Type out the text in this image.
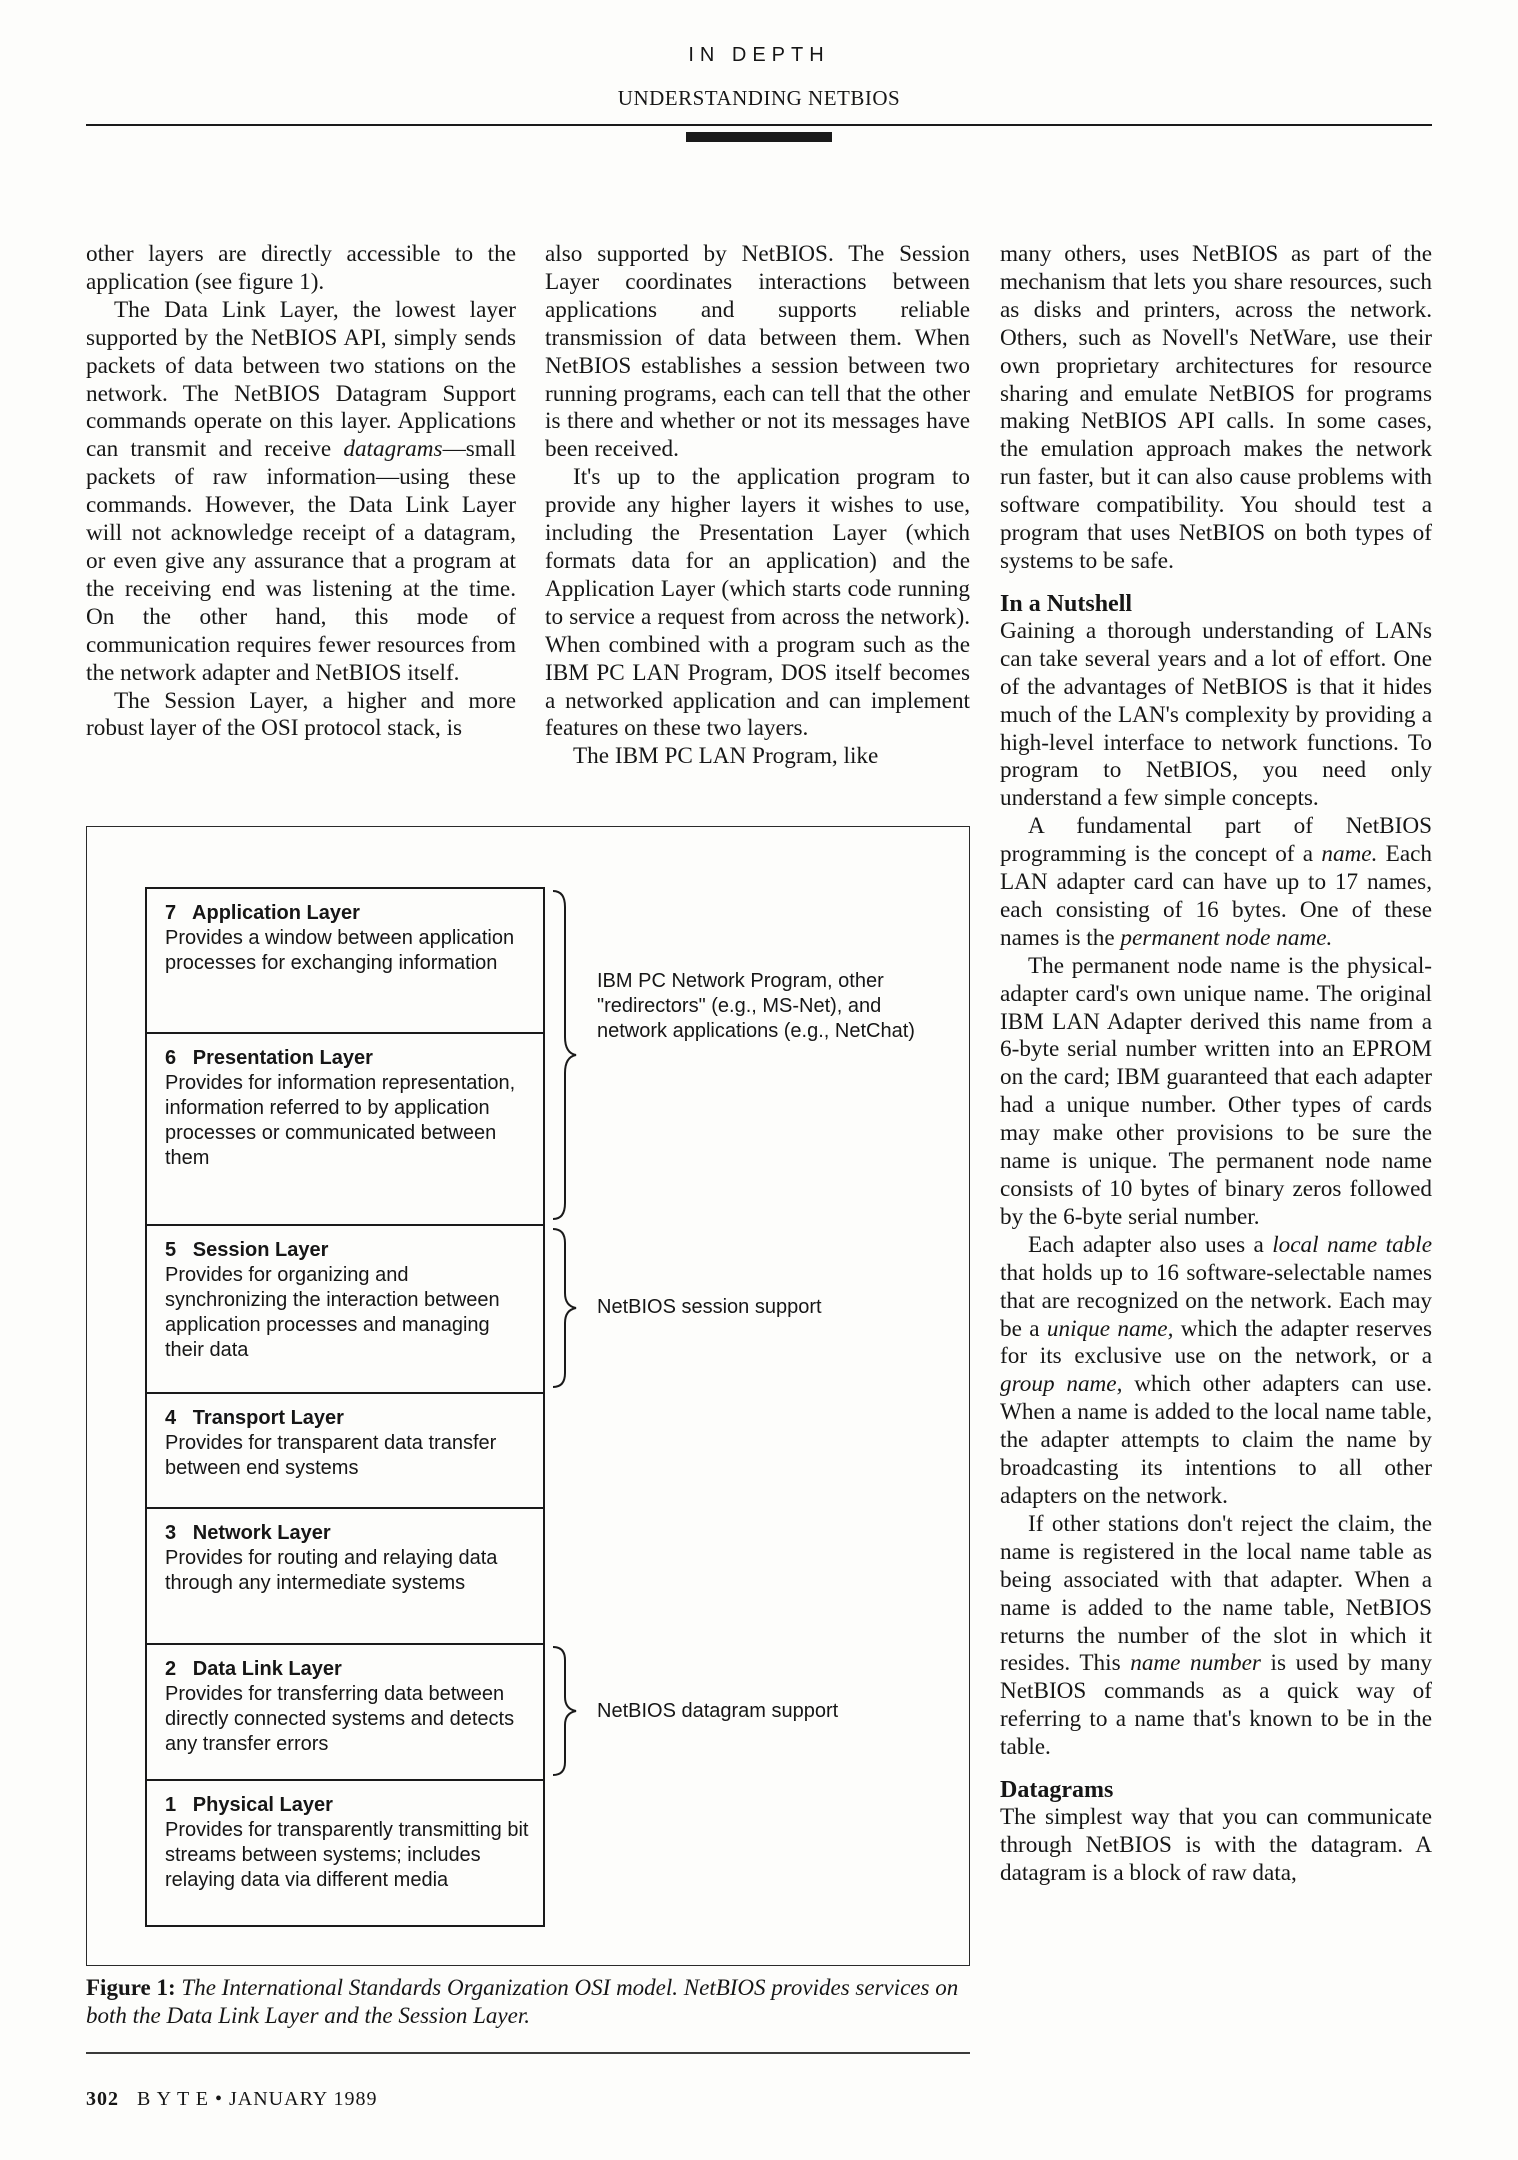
IN DEPTH
UNDERSTANDING NETBIOS

other layers are directly accessible to the application (see figure 1).

The Data Link Layer, the lowest layer supported by the NetBIOS API, simply sends packets of data between two stations on the network. The NetBIOS Datagram Support commands operate on this layer. Applications can transmit and receive datagrams—small packets of raw information—using these commands. However, the Data Link Layer will not acknowledge receipt of a datagram, or even give any assurance that a program at the receiving end was listening at the time. On the other hand, this mode of communication requires fewer resources from the network adapter and NetBIOS itself.

The Session Layer, a higher and more robust layer of the OSI protocol stack, is

also supported by NetBIOS. The Session Layer coordinates interactions between applications and supports reliable transmission of data between them. When NetBIOS establishes a session between two running programs, each can tell that the other is there and whether or not its messages have been received.

It's up to the application program to provide any higher layers it wishes to use, including the Presentation Layer (which formats data for an application) and the Application Layer (which starts code running to service a request from across the network). When combined with a program such as the IBM PC LAN Program, DOS itself becomes a networked application and can implement features on these two layers.

The IBM PC LAN Program, like

many others, uses NetBIOS as part of the mechanism that lets you share resources, such as disks and printers, across the network. Others, such as Novell's NetWare, use their own proprietary architectures for resource sharing and emulate NetBIOS for programs making NetBIOS API calls. In some cases, the emulation approach makes the network run faster, but it can also cause problems with software compatibility. You should test a program that uses NetBIOS on both types of systems to be safe.

In a Nutshell

Gaining a thorough understanding of LANs can take several years and a lot of effort. One of the advantages of NetBIOS is that it hides much of the LAN's complexity by providing a high-level interface to network functions. To program to NetBIOS, you need only understand a few simple concepts.

A fundamental part of NetBIOS programming is the concept of a name. Each LAN adapter card can have up to 17 names, each consisting of 16 bytes. One of these names is the permanent node name.

The permanent node name is the physical-adapter card's own unique name. The original IBM LAN Adapter derived this name from a 6-byte serial number written into an EPROM on the card; IBM guaranteed that each adapter had a unique number. Other types of cards may make other provisions to be sure the name is unique. The permanent node name consists of 10 bytes of binary zeros followed by the 6-byte serial number.

Each adapter also uses a local name table that holds up to 16 software-selectable names that are recognized on the network. Each may be a unique name, which the adapter reserves for its exclusive use on the network, or a group name, which other adapters can use. When a name is added to the local name table, the adapter attempts to claim the name by broadcasting its intentions to all other adapters on the network.

If other stations don't reject the claim, the name is registered in the local name table as being associated with that adapter. When a name is added to the name table, NetBIOS returns the number of the slot in which it resides. This name number is used by many NetBIOS commands as a quick way of referring to a name that's known to be in the table.

Datagrams

The simplest way that you can communicate through NetBIOS is with the datagram. A datagram is a block of raw data,

7   Application Layer
Provides a window between application processes for exchanging information
6   Presentation Layer
Provides for information representation, information referred to by application processes or communicated between them
5   Session Layer
Provides for organizing and synchronizing the interaction between application processes and managing their data
4   Transport Layer
Provides for transparent data transfer between end systems
3   Network Layer
Provides for routing and relaying data through any intermediate systems
2   Data Link Layer
Provides for transferring data between directly connected systems and detects any transfer errors
1   Physical Layer
Provides for transparently transmitting bit streams between systems; includes relaying data via different media
IBM PC Network Program, other "redirectors" (e.g., MS-Net), and network applications (e.g., NetChat)
NetBIOS session support
NetBIOS datagram support
Figure 1: The International Standards Organization OSI model. NetBIOS provides services on both the Data Link Layer and the Session Layer.
302 B Y T E • JANUARY 1989
